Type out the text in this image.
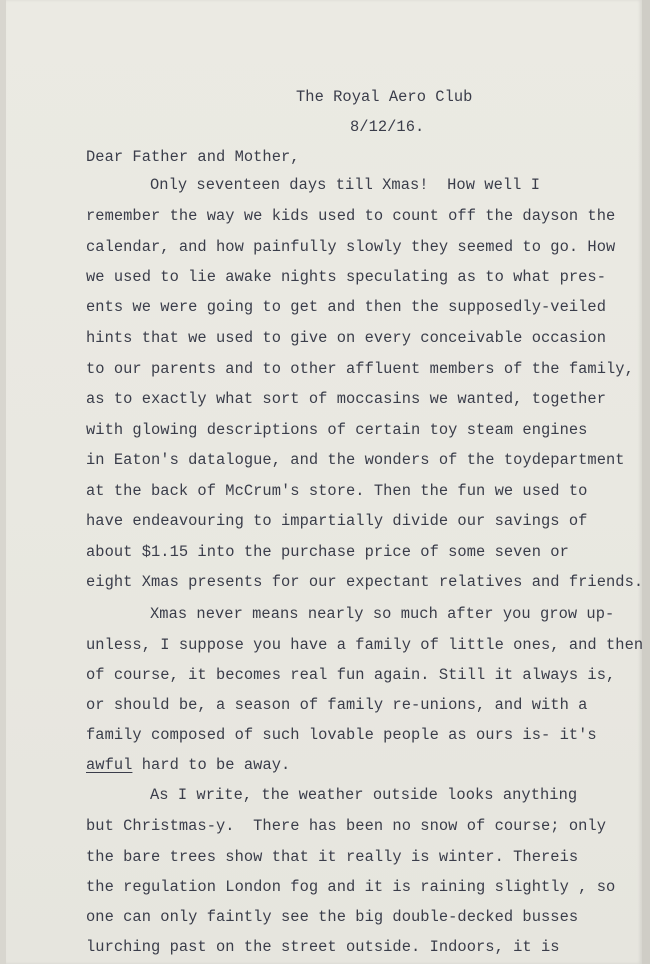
The Royal Aero Club
8/12/16.
Dear Father and Mother,
Only seventeen days till Xmas!  How well I
remember the way we kids used to count off the dayson the
calendar, and how painfully slowly they seemed to go. How
we used to lie awake nights speculating as to what pres-
ents we were going to get and then the supposedly-veiled
hints that we used to give on every conceivable occasion
to our parents and to other affluent members of the family,
as to exactly what sort of moccasins we wanted, together
with glowing descriptions of certain toy steam engines
in Eaton's datalogue, and the wonders of the toydepartment
at the back of McCrum's store. Then the fun we used to
have endeavouring to impartially divide our savings of
about $1.15 into the purchase price of some seven or
eight Xmas presents for our expectant relatives and friends.
Xmas never means nearly so much after you grow up-
unless, I suppose you have a family of little ones, and then
of course, it becomes real fun again. Still it always is,
or should be, a season of family re-unions, and with a
family composed of such lovable people as ours is- it's
awful hard to be away.
As I write, the weather outside looks anything
but Christmas-y.  There has been no snow of course; only
the bare trees show that it really is winter. Thereis
the regulation London fog and it is raining slightly , so
one can only faintly see the big double-decked busses
lurching past on the street outside. Indoors, it is
